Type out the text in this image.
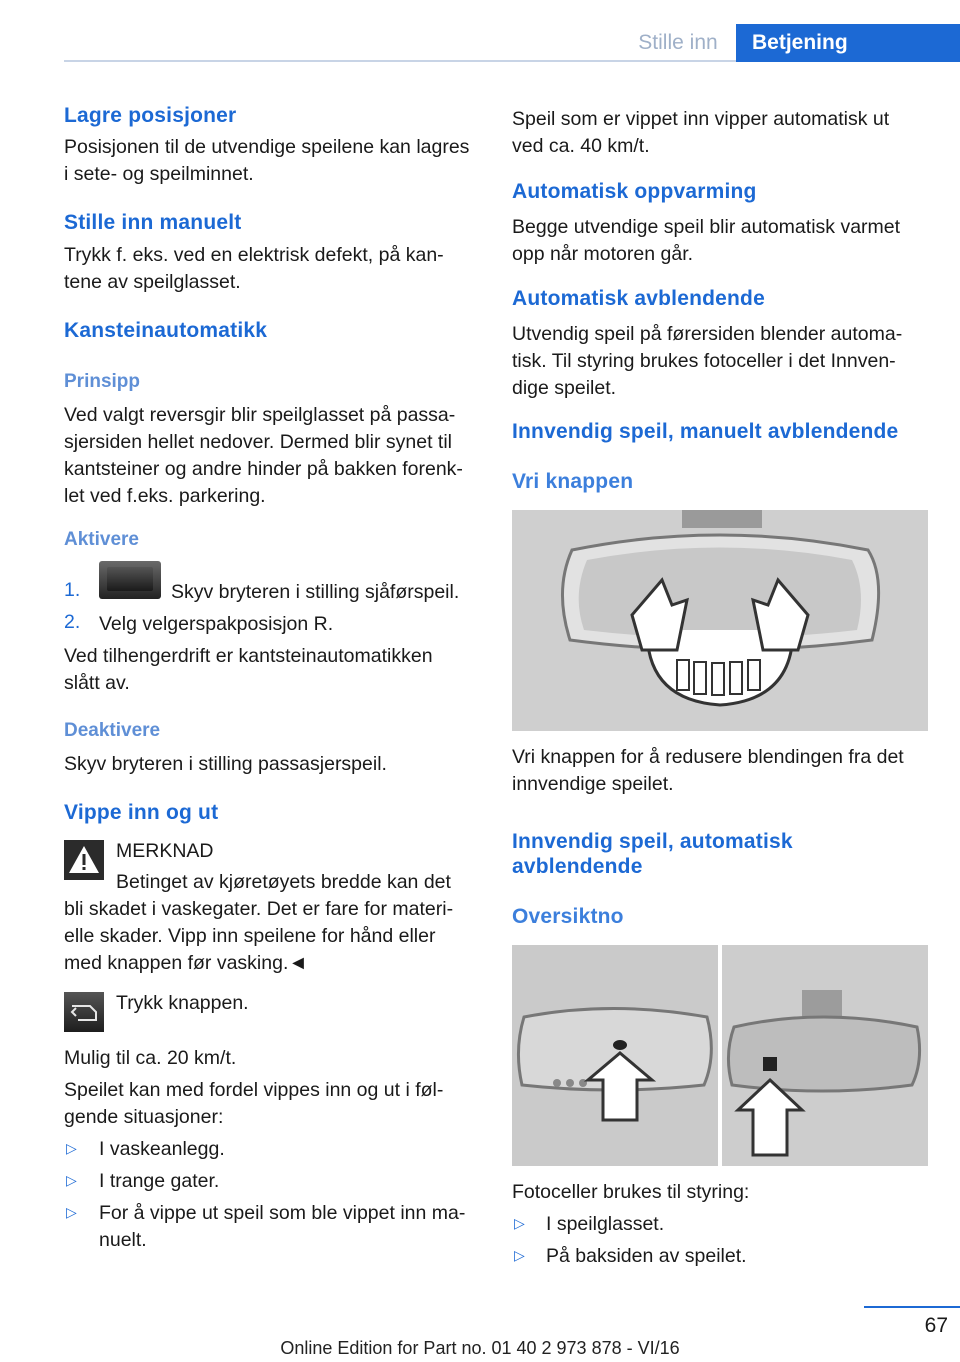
Stille inn	Betjening
Lagre posisjoner
Posisjonen til de utvendige speilene kan lagres
i sete- og speilminnet.
Stille inn manuelt
Trykk f. eks. ved en elektrisk defekt, på kan‐
tene av speilglasset.
Kansteinautomatikk
Prinsipp
Ved valgt reversgir blir speilglasset på passa‐
sjersiden hellet nedover. Dermed blir synet til
kantsteiner og andre hinder på bakken forenk‐
let ved f.eks. parkering.
Aktivere
1.	Skyv bryteren i stilling sjåførspeil.
2. Velg velgerspakposisjon R.
Ved tilhengerdrift er kantsteinautomatikken
slått av.
Deaktivere
Skyv bryteren i stilling passasjerspeil.
Vippe inn og ut
MERKNAD
Betinget av kjøretøyets bredde kan det
bli skadet i vaskegater. Det er fare for materi‐
elle skader. Vipp inn speilene for hånd eller
med knappen før vasking.◄
Trykk knappen.
Mulig til ca. 20 km/t.
Speilet kan med fordel vippes inn og ut i føl‐
gende situasjoner:
▷ I vaskeanlegg.
▷ I trange gater.
▷ For å vippe ut speil som ble vippet inn ma‐
nuelt.
Speil som er vippet inn vipper automatisk ut
ved ca. 40 km/t.
Automatisk oppvarming
Begge utvendige speil blir automatisk varmet
opp når motoren går.
Automatisk avblendende
Utvendig speil på førersiden blender automa‐
tisk. Til styring brukes fotoceller i det Innven‐
dige speilet.
Innvendig speil, manuelt avblendende
Vri knappen
Vri knappen for å redusere blendingen fra det
innvendige speilet.
Innvendig speil, automatisk
avblendende
Oversiktno
Fotoceller brukes til styring:
▷ I speilglasset.
▷ På baksiden av speilet.
67
Online Edition for Part no. 01 40 2 973 878 - VI/16
